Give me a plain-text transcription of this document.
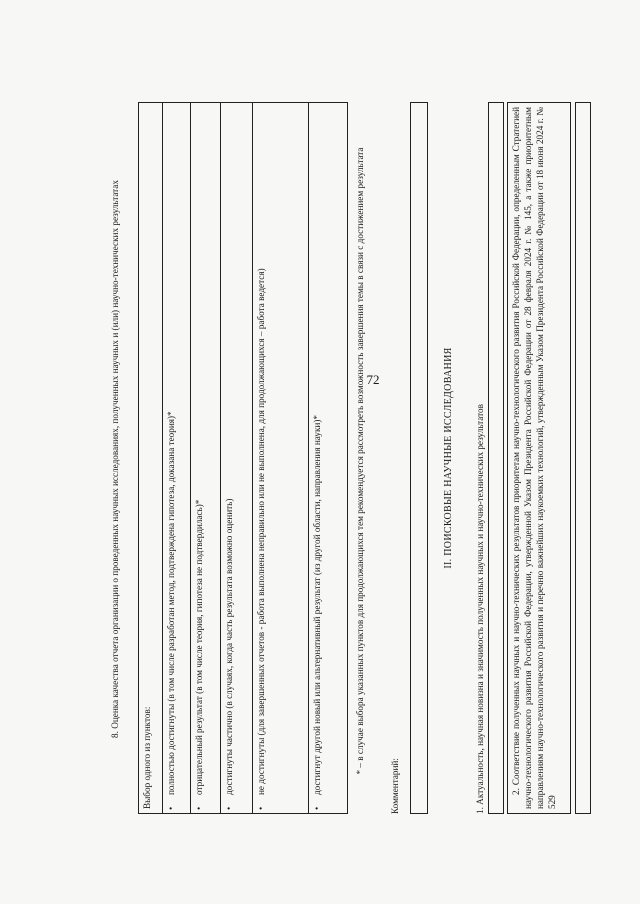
72
8. Оценка качества отчета организации о проведенных научных исследованиях, полученных научных и (или) научно-технических результатах
Выбор одного из пунктов:	•
полностью достигнуты (в том числе разработан метод, подтверждена гипотеза, доказана теория)*
•
отрицательный результат (в том числе теория, гипотеза не подтвердилась)*
•
достигнуты частично (в случаях, когда часть результата возможно оценить)
•
не достигнуты (для завершенных отчетов - работа выполнена неправильно или не выполнена, для продолжающихся – работа ведется)
•
достигнут другой новый или альтернативный результат (из другой области, направления науки)*	* – в случае выбора указанных пунктов для продолжающихся тем рекомендуется рассмотреть возможность завершения темы в связи с достижением результата
Комментарий:
II. ПОИСКОВЫЕ НАУЧНЫЕ ИССЛЕДОВАНИЯ 1. Актуальность, научная новизна и значимость полученных научных и научно-технических результатов	2. Соответствие полученных научных и научно-технических результатов приоритетам научно-технологического развития Российской Федерации, определенным Стратегией научно-технологического развития Российской Федерации, утвержденной Указом Президента Российской Федерации от 28 февраля 2024 г. № 145, а также приоритетным направлениям научно-технологического развития и перечню важнейших наукоемких технологий, утвержденным Указом Президента Российской Федерации от 18 июня 2024 г. № 529
